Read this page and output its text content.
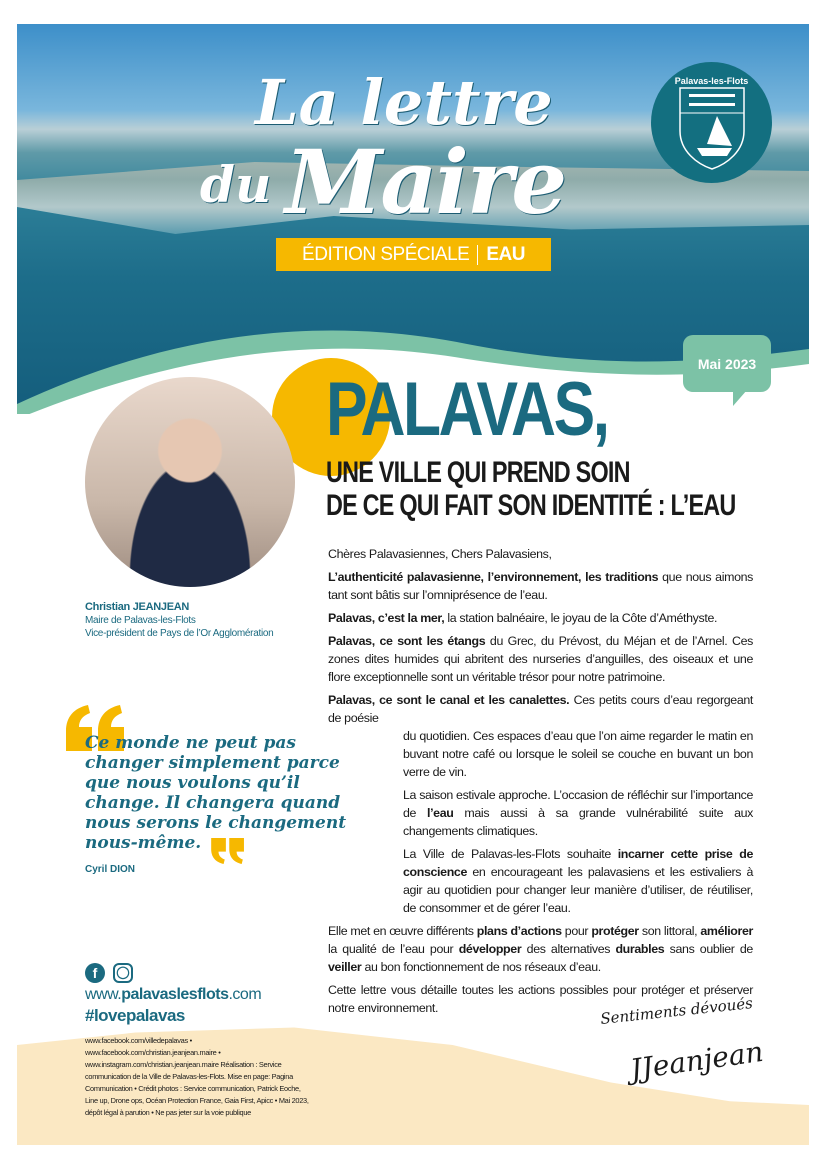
La lettre
du Maire
ÉDITION SPÉCIALE EAU
Palavas-les-Flots
Mai 2023
PALAVAS,
UNE VILLE QUI PREND SOIN
DE CE QUI FAIT SON IDENTITÉ : L’EAU
Christian JEANJEAN
Maire de Palavas-les-Flots
Vice-président de Pays de l’Or Agglomération

Chères Palavasiennes, Chers Palavasiens,

L’authenticité palavasienne, l’environnement, les traditions que nous aimons tant sont bâtis sur l’omniprésence de l’eau.

Palavas, c’est la mer, la station balnéaire, le joyau de la Côte d’Améthyste.

Palavas, ce sont les étangs du Grec, du Prévost, du Méjan et de l’Arnel. Ces zones dites humides qui abritent des nurseries d’anguilles, des oiseaux et une flore exceptionnelle sont un véritable trésor pour notre patrimoine.

Palavas, ce sont le canal et les canalettes. Ces petits cours d’eau regorgeant de poésie

du quotidien. Ces espaces d’eau que l’on aime regarder le matin en buvant notre café ou lorsque le soleil se couche en buvant un bon verre de vin.

La saison estivale approche. L’occasion de réfléchir sur l’importance de l’eau mais aussi à sa grande vulnérabilité suite aux changements climatiques.

La Ville de Palavas-les-Flots souhaite incarner cette prise de conscience en encourageant les palavasiens et les estivaliers à agir au quotidien pour changer leur manière d’utiliser, de réutiliser, de consommer et de gérer l’eau.

Elle met en œuvre différents plans d’actions pour protéger son littoral, améliorer la qualité de l’eau pour développer des alternatives durables sans oublier de veiller au bon fonctionnement de nos réseaux d’eau.

Cette lettre vous détaille toutes les actions possibles pour protéger et préserver notre environnement.

Ce monde ne peut pas changer simplement parce que nous voulons qu’il change. Il changera quand nous serons le changement nous-même.
Cyril DION
f	◯
www.palavaslesflots.com
#lovepalavas
www.facebook.com/villedepalavas • www.facebook.com/christian.jeanjean.maire • www.instagram.com/christian.jeanjean.maire Réalisation : Service communication de la Ville de Palavas-les-Flots. Mise en page: Pagina Communication • Crédit photos : Service communication, Patrick Eoche, Line up, Drone ops, Océan Protection France, Gaia First, Apicc • Mai 2023, dépôt légal à parution • Ne pas jeter sur la voie publique
Sentiments dévoués
JJeanjean
